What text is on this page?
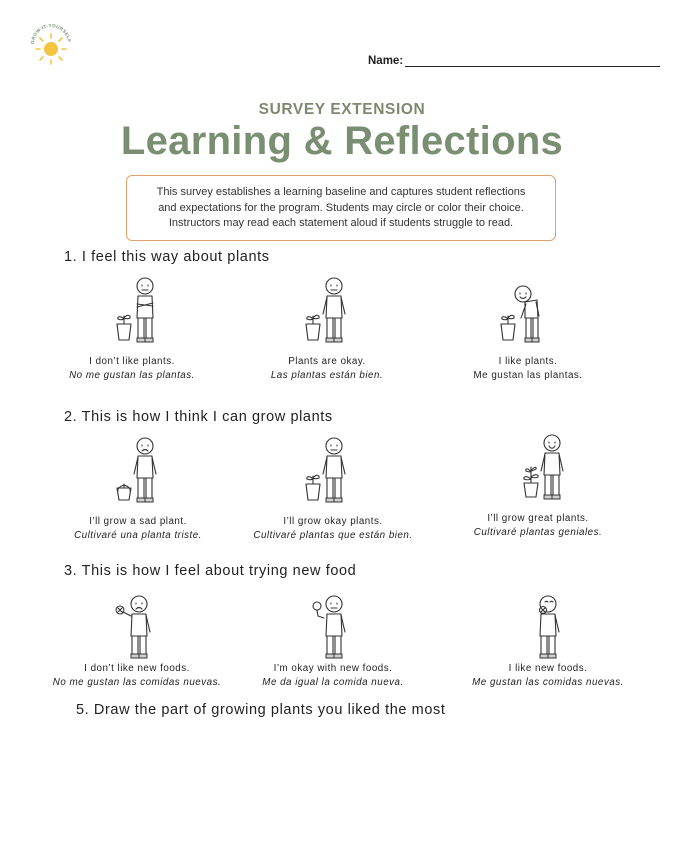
GROW-IT-YOURSELF
Name:
SURVEY EXTENSION
Learning & Reflections
This survey establishes a learning baseline and captures student reflections
and expectations for the program. Students may circle or color their choice.
Instructors may read each statement aloud if students struggle to read.
1. I feel this way about plants
I don’t like plants.
No me gustan las plantas.
Plants are okay.
Las plantas están bien.
I like plants.
Me gustan las plantas.
2. This is how I think I can grow plants
I’ll grow a sad plant.
Cultivaré una planta triste.
I’ll grow okay plants.
Cultivaré plantas que están bien.
I’ll grow great plants.
Cultivaré plantas geniales.
3. This is how I feel about trying new food
I don’t like new foods.
No me gustan las comidas nuevas.
I’m okay with new foods.
Me da igual la comida nueva.
I like new foods.
Me gustan las comidas nuevas.
5. Draw the part of growing plants you liked the most
